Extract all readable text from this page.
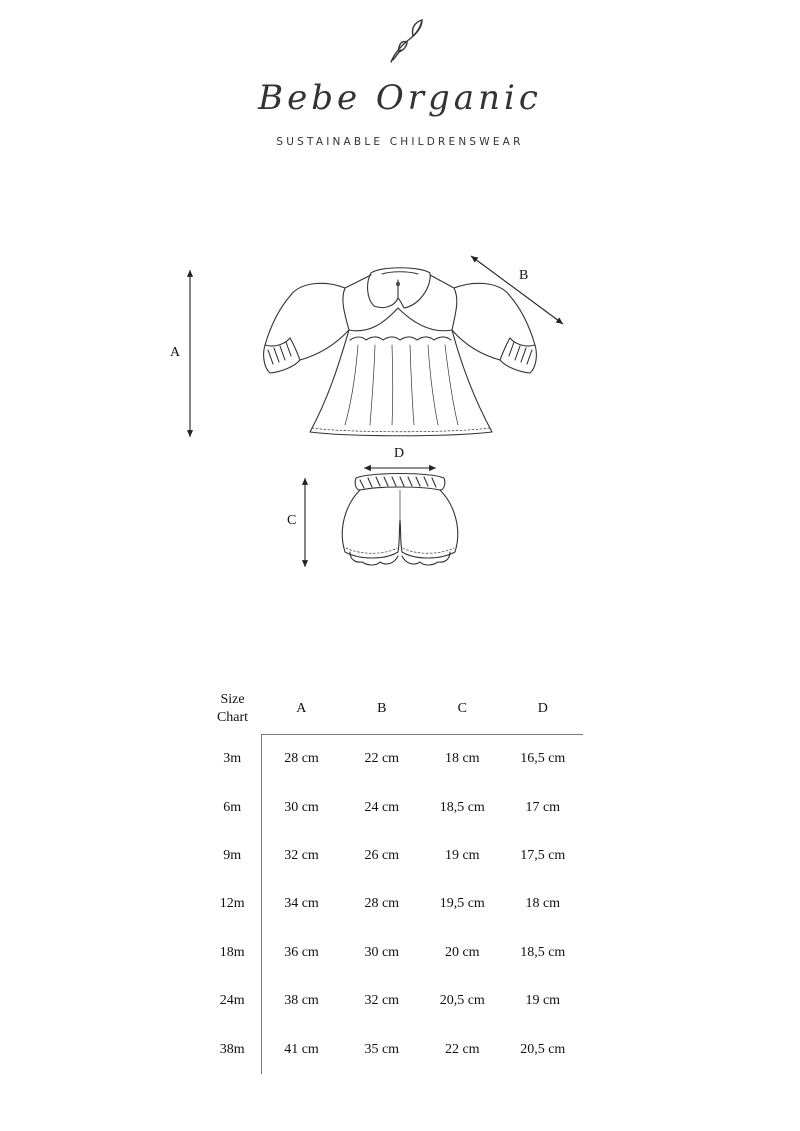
Bebe Organic
SUSTAINABLE CHILDRENSWEAR
A
B
D
C
Size
Chart	A	B	C	D
3m	28 cm	22 cm	18 cm	16,5 cm
6m	30 cm	24 cm	18,5 cm	17 cm
9m	32 cm	26 cm	19 cm	17,5 cm
12m	34 cm	28 cm	19,5 cm	18 cm
18m	36 cm	30 cm	20 cm	18,5 cm
24m	38 cm	32 cm	20,5 cm	19 cm
38m	41 cm	35 cm	22 cm	20,5 cm
